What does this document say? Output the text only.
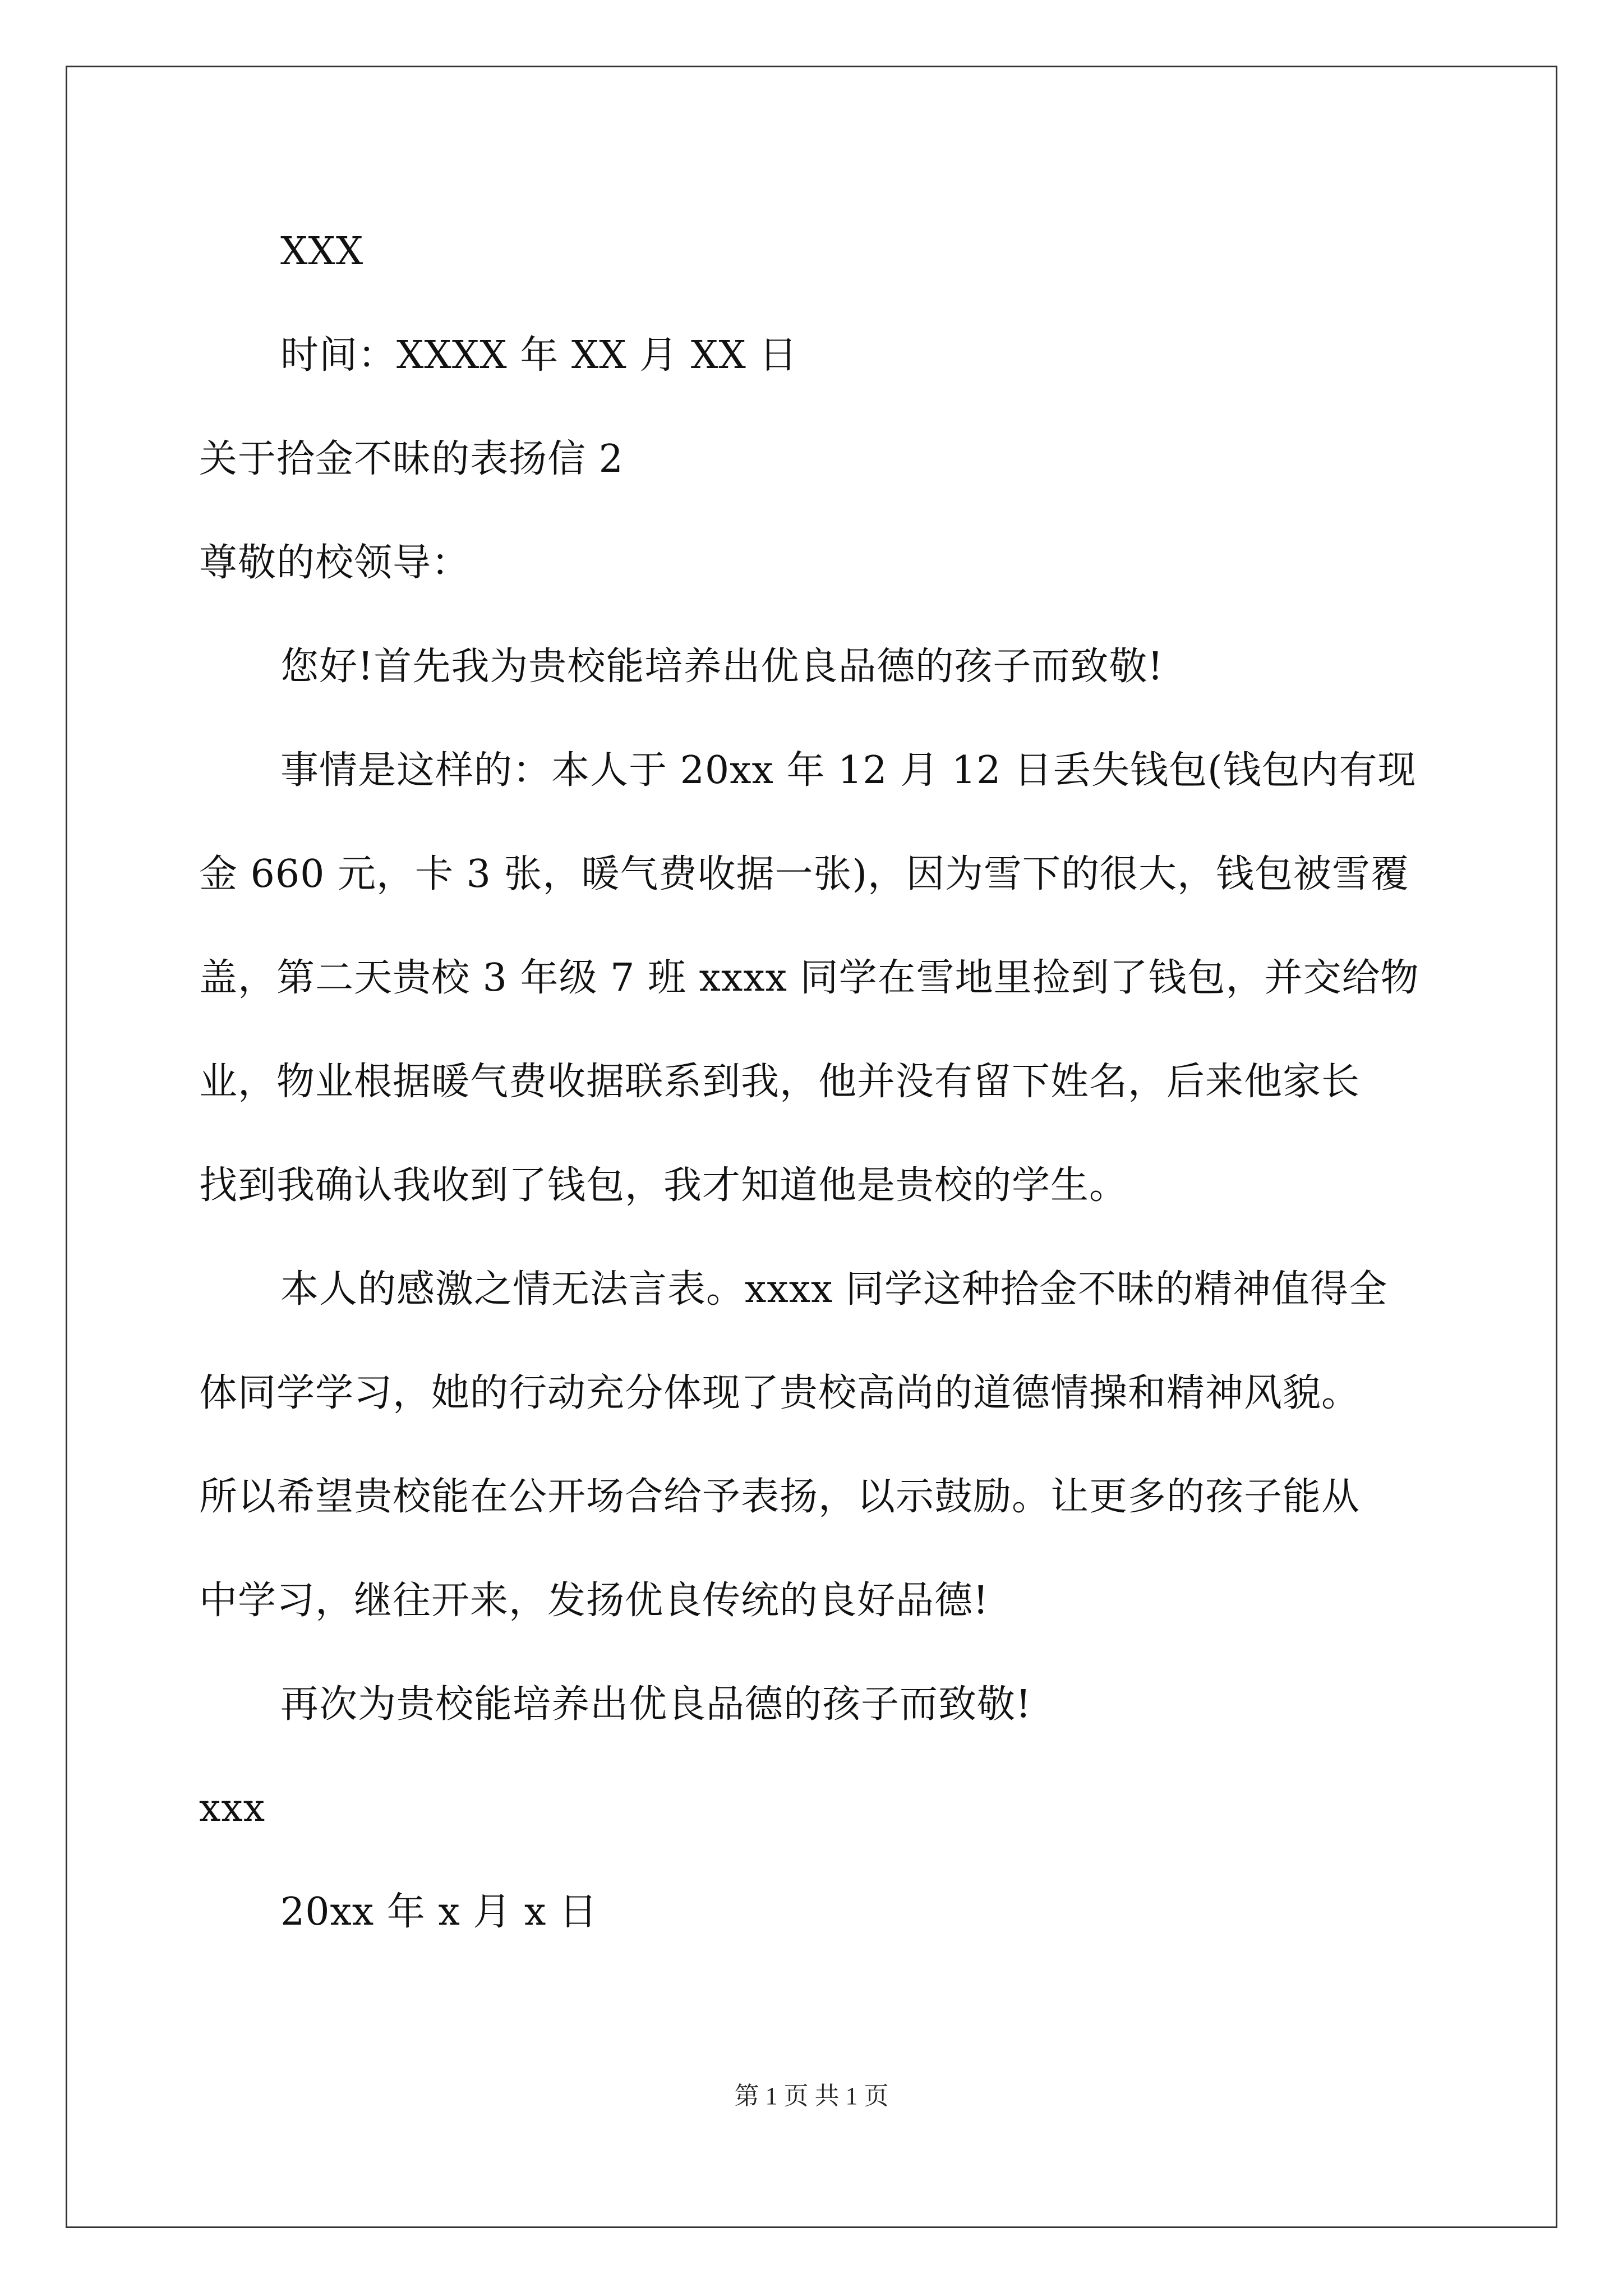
XXX
时间：XXXX 年 XX 月 XX 日
关于拾金不昧的表扬信 2
尊敬的校领导：
您好!首先我为贵校能培养出优良品德的孩子而致敬!
事情是这样的：本人于 20xx 年 12 月 12 日丢失钱包(钱包内有现
金 660 元，卡 3 张，暖气费收据一张)，因为雪下的很大，钱包被雪覆
盖，第二天贵校 3 年级 7 班 xxxx 同学在雪地里捡到了钱包，并交给物
业，物业根据暖气费收据联系到我，他并没有留下姓名，后来他家长
找到我确认我收到了钱包，我才知道他是贵校的学生。
本人的感激之情无法言表。xxxx 同学这种拾金不昧的精神值得全
体同学学习，她的行动充分体现了贵校高尚的道德情操和精神风貌。
所以希望贵校能在公开场合给予表扬，以示鼓励。让更多的孩子能从
中学习，继往开来，发扬优良传统的良好品德!
再次为贵校能培养出优良品德的孩子而致敬!
xxx
20xx 年 x 月 x 日
第 1 页 共 1 页
